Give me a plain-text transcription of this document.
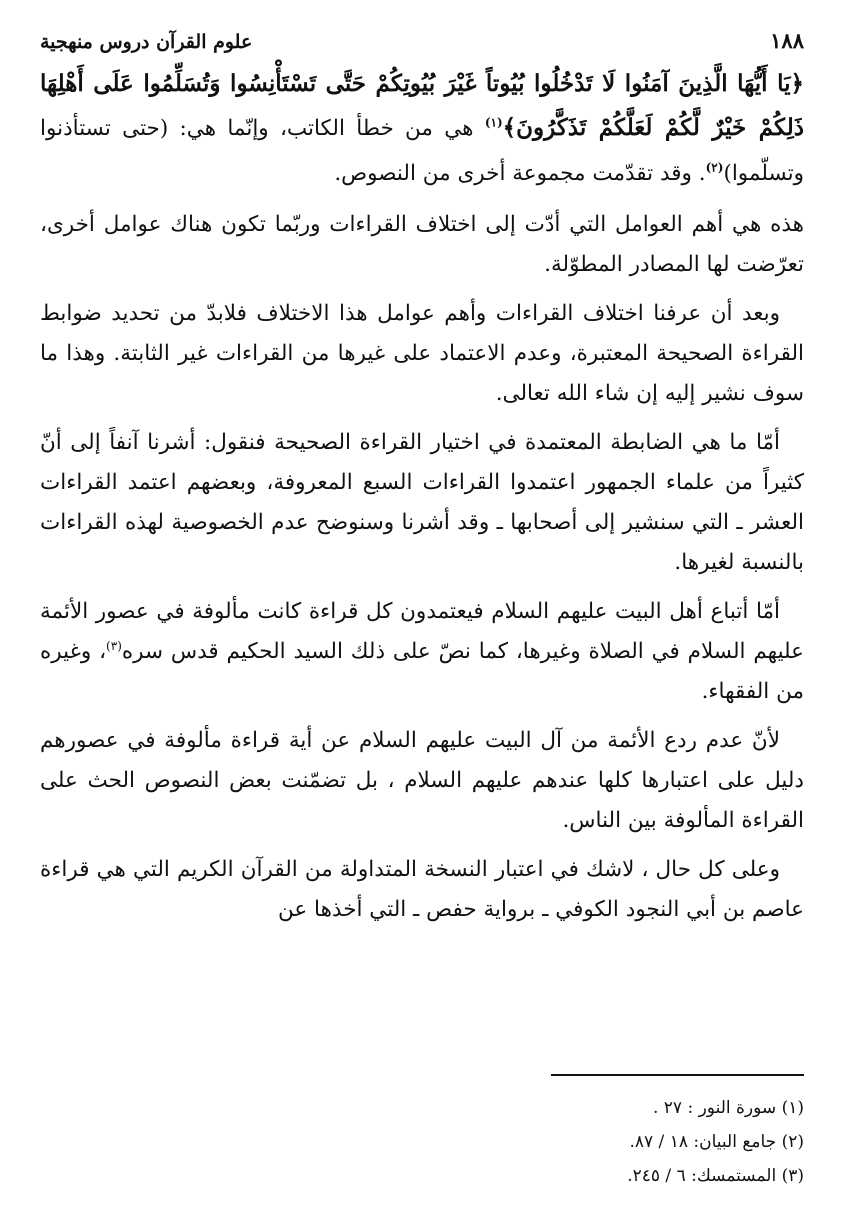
١٨٨
علوم القرآن دروس منهجية

﴿يَا أَيُّهَا الَّذِينَ آمَنُوا لَا تَدْخُلُوا بُيُوتاً غَيْرَ بُيُوتِكُمْ حَتَّى تَسْتَأْنِسُوا وَتُسَلِّمُوا عَلَى أَهْلِهَا ذَلِكُمْ خَيْرٌ لَّكُمْ لَعَلَّكُمْ تَذَكَّرُونَ﴾$^{(١)}$ هي من خطأ الكاتب، وإنّما هي: (حتى تستأذنوا وتسلّموا)$^{(٢)}$. وقد تقدّمت مجموعة أخرى من النصوص.

هذه هي أهم العوامل التي أدّت إلى اختلاف القراءات وربّما تكون هناك عوامل أخرى، تعرّضت لها المصادر المطوّلة.

وبعد أن عرفنا اختلاف القراءات وأهم عوامل هذا الاختلاف فلابدّ من تحديد ضوابط القراءة الصحيحة المعتبرة، وعدم الاعتماد على غيرها من القراءات غير الثابتة. وهذا ما سوف نشير إليه إن شاء الله تعالى.

أمّا ما هي الضابطة المعتمدة في اختيار القراءة الصحيحة فنقول: أشرنا آنفاً إلى أنّ كثيراً من علماء الجمهور اعتمدوا القراءات السبع المعروفة، وبعضهم اعتمد القراءات العشر ـ التي سنشير إلى أصحابها ـ وقد أشرنا وسنوضح عدم الخصوصية لهذه القراءات بالنسبة لغيرها.

أمّا أتباع أهل البيت عليهم السلام فيعتمدون كل قراءة كانت مألوفة في عصور الأئمة عليهم السلام في الصلاة وغيرها، كما نصّ على ذلك السيد الحكيم قدس سره$^{(٣)}$، وغيره من الفقهاء.

لأنّ عدم ردع الأئمة من آل البيت عليهم السلام عن أية قراءة مألوفة في عصورهم دليل على اعتبارها كلها عندهم عليهم السلام ، بل تضمّنت بعض النصوص الحث على القراءة المألوفة بين الناس.

وعلى كل حال ، لاشك في اعتبار النسخة المتداولة من القرآن الكريم التي هي قراءة عاصم بن أبي النجود الكوفي ـ برواية حفص ـ التي أخذها عن

(١) سورة النور : ٢٧ .
(٢) جامع البيان: ١٨ / ٨٧.
(٣) المستمسك: ٦ / ٢٤٥.
